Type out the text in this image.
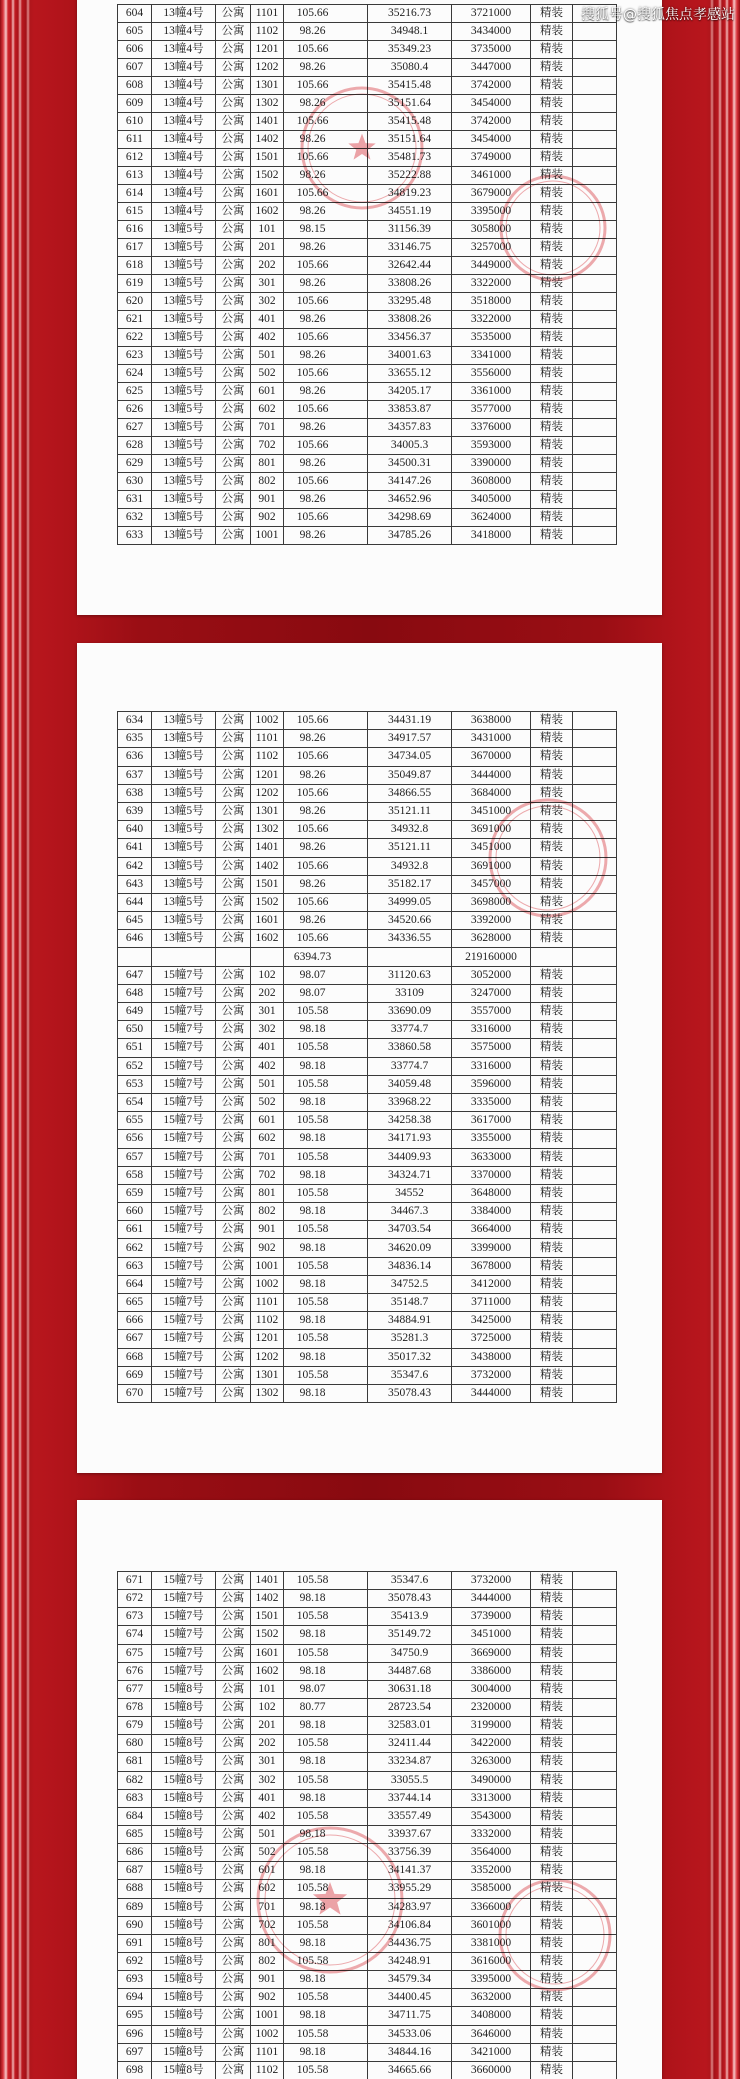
604	13幢4号	公寓	1101	105.66	35216.73	3721000	精装	
605	13幢4号	公寓	1102	98.26	34948.1	3434000	精装	
606	13幢4号	公寓	1201	105.66	35349.23	3735000	精装	
607	13幢4号	公寓	1202	98.26	35080.4	3447000	精装	
608	13幢4号	公寓	1301	105.66	35415.48	3742000	精装	
609	13幢4号	公寓	1302	98.26	35151.64	3454000	精装	
610	13幢4号	公寓	1401	105.66	35415.48	3742000	精装	
611	13幢4号	公寓	1402	98.26	35151.64	3454000	精装	
612	13幢4号	公寓	1501	105.66	35481.73	3749000	精装	
613	13幢4号	公寓	1502	98.26	35222.88	3461000	精装	
614	13幢4号	公寓	1601	105.66	34819.23	3679000	精装	
615	13幢4号	公寓	1602	98.26	34551.19	3395000	精装	
616	13幢5号	公寓	101	98.15	31156.39	3058000	精装	
617	13幢5号	公寓	201	98.26	33146.75	3257000	精装	
618	13幢5号	公寓	202	105.66	32642.44	3449000	精装	
619	13幢5号	公寓	301	98.26	33808.26	3322000	精装	
620	13幢5号	公寓	302	105.66	33295.48	3518000	精装	
621	13幢5号	公寓	401	98.26	33808.26	3322000	精装	
622	13幢5号	公寓	402	105.66	33456.37	3535000	精装	
623	13幢5号	公寓	501	98.26	34001.63	3341000	精装	
624	13幢5号	公寓	502	105.66	33655.12	3556000	精装	
625	13幢5号	公寓	601	98.26	34205.17	3361000	精装	
626	13幢5号	公寓	602	105.66	33853.87	3577000	精装	
627	13幢5号	公寓	701	98.26	34357.83	3376000	精装	
628	13幢5号	公寓	702	105.66	34005.3	3593000	精装	
629	13幢5号	公寓	801	98.26	34500.31	3390000	精装	
630	13幢5号	公寓	802	105.66	34147.26	3608000	精装	
631	13幢5号	公寓	901	98.26	34652.96	3405000	精装	
632	13幢5号	公寓	902	105.66	34298.69	3624000	精装	
633	13幢5号	公寓	1001	98.26	34785.26	3418000	精装	
634	13幢5号	公寓	1002	105.66	34431.19	3638000	精装	
635	13幢5号	公寓	1101	98.26	34917.57	3431000	精装	
636	13幢5号	公寓	1102	105.66	34734.05	3670000	精装	
637	13幢5号	公寓	1201	98.26	35049.87	3444000	精装	
638	13幢5号	公寓	1202	105.66	34866.55	3684000	精装	
639	13幢5号	公寓	1301	98.26	35121.11	3451000	精装	
640	13幢5号	公寓	1302	105.66	34932.8	3691000	精装	
641	13幢5号	公寓	1401	98.26	35121.11	3451000	精装	
642	13幢5号	公寓	1402	105.66	34932.8	3691000	精装	
643	13幢5号	公寓	1501	98.26	35182.17	3457000	精装	
644	13幢5号	公寓	1502	105.66	34999.05	3698000	精装	
645	13幢5号	公寓	1601	98.26	34520.66	3392000	精装	
646	13幢5号	公寓	1602	105.66	34336.55	3628000	精装	
				6394.73		219160000		
647	15幢7号	公寓	102	98.07	31120.63	3052000	精装	
648	15幢7号	公寓	202	98.07	33109	3247000	精装	
649	15幢7号	公寓	301	105.58	33690.09	3557000	精装	
650	15幢7号	公寓	302	98.18	33774.7	3316000	精装	
651	15幢7号	公寓	401	105.58	33860.58	3575000	精装	
652	15幢7号	公寓	402	98.18	33774.7	3316000	精装	
653	15幢7号	公寓	501	105.58	34059.48	3596000	精装	
654	15幢7号	公寓	502	98.18	33968.22	3335000	精装	
655	15幢7号	公寓	601	105.58	34258.38	3617000	精装	
656	15幢7号	公寓	602	98.18	34171.93	3355000	精装	
657	15幢7号	公寓	701	105.58	34409.93	3633000	精装	
658	15幢7号	公寓	702	98.18	34324.71	3370000	精装	
659	15幢7号	公寓	801	105.58	34552	3648000	精装	
660	15幢7号	公寓	802	98.18	34467.3	3384000	精装	
661	15幢7号	公寓	901	105.58	34703.54	3664000	精装	
662	15幢7号	公寓	902	98.18	34620.09	3399000	精装	
663	15幢7号	公寓	1001	105.58	34836.14	3678000	精装	
664	15幢7号	公寓	1002	98.18	34752.5	3412000	精装	
665	15幢7号	公寓	1101	105.58	35148.7	3711000	精装	
666	15幢7号	公寓	1102	98.18	34884.91	3425000	精装	
667	15幢7号	公寓	1201	105.58	35281.3	3725000	精装	
668	15幢7号	公寓	1202	98.18	35017.32	3438000	精装	
669	15幢7号	公寓	1301	105.58	35347.6	3732000	精装	
670	15幢7号	公寓	1302	98.18	35078.43	3444000	精装	
671	15幢7号	公寓	1401	105.58	35347.6	3732000	精装	
672	15幢7号	公寓	1402	98.18	35078.43	3444000	精装	
673	15幢7号	公寓	1501	105.58	35413.9	3739000	精装	
674	15幢7号	公寓	1502	98.18	35149.72	3451000	精装	
675	15幢7号	公寓	1601	105.58	34750.9	3669000	精装	
676	15幢7号	公寓	1602	98.18	34487.68	3386000	精装	
677	15幢8号	公寓	101	98.07	30631.18	3004000	精装	
678	15幢8号	公寓	102	80.77	28723.54	2320000	精装	
679	15幢8号	公寓	201	98.18	32583.01	3199000	精装	
680	15幢8号	公寓	202	105.58	32411.44	3422000	精装	
681	15幢8号	公寓	301	98.18	33234.87	3263000	精装	
682	15幢8号	公寓	302	105.58	33055.5	3490000	精装	
683	15幢8号	公寓	401	98.18	33744.14	3313000	精装	
684	15幢8号	公寓	402	105.58	33557.49	3543000	精装	
685	15幢8号	公寓	501	98.18	33937.67	3332000	精装	
686	15幢8号	公寓	502	105.58	33756.39	3564000	精装	
687	15幢8号	公寓	601	98.18	34141.37	3352000	精装	
688	15幢8号	公寓	602	105.58	33955.29	3585000	精装	
689	15幢8号	公寓	701	98.18	34283.97	3366000	精装	
690	15幢8号	公寓	702	105.58	34106.84	3601000	精装	
691	15幢8号	公寓	801	98.18	34436.75	3381000	精装	
692	15幢8号	公寓	802	105.58	34248.91	3616000	精装	
693	15幢8号	公寓	901	98.18	34579.34	3395000	精装	
694	15幢8号	公寓	902	105.58	34400.45	3632000	精装	
695	15幢8号	公寓	1001	98.18	34711.75	3408000	精装	
696	15幢8号	公寓	1002	105.58	34533.06	3646000	精装	
697	15幢8号	公寓	1101	98.18	34844.16	3421000	精装	
698	15幢8号	公寓	1102	105.58	34665.66	3660000	精装	
搜狐号@搜狐焦点孝感站
